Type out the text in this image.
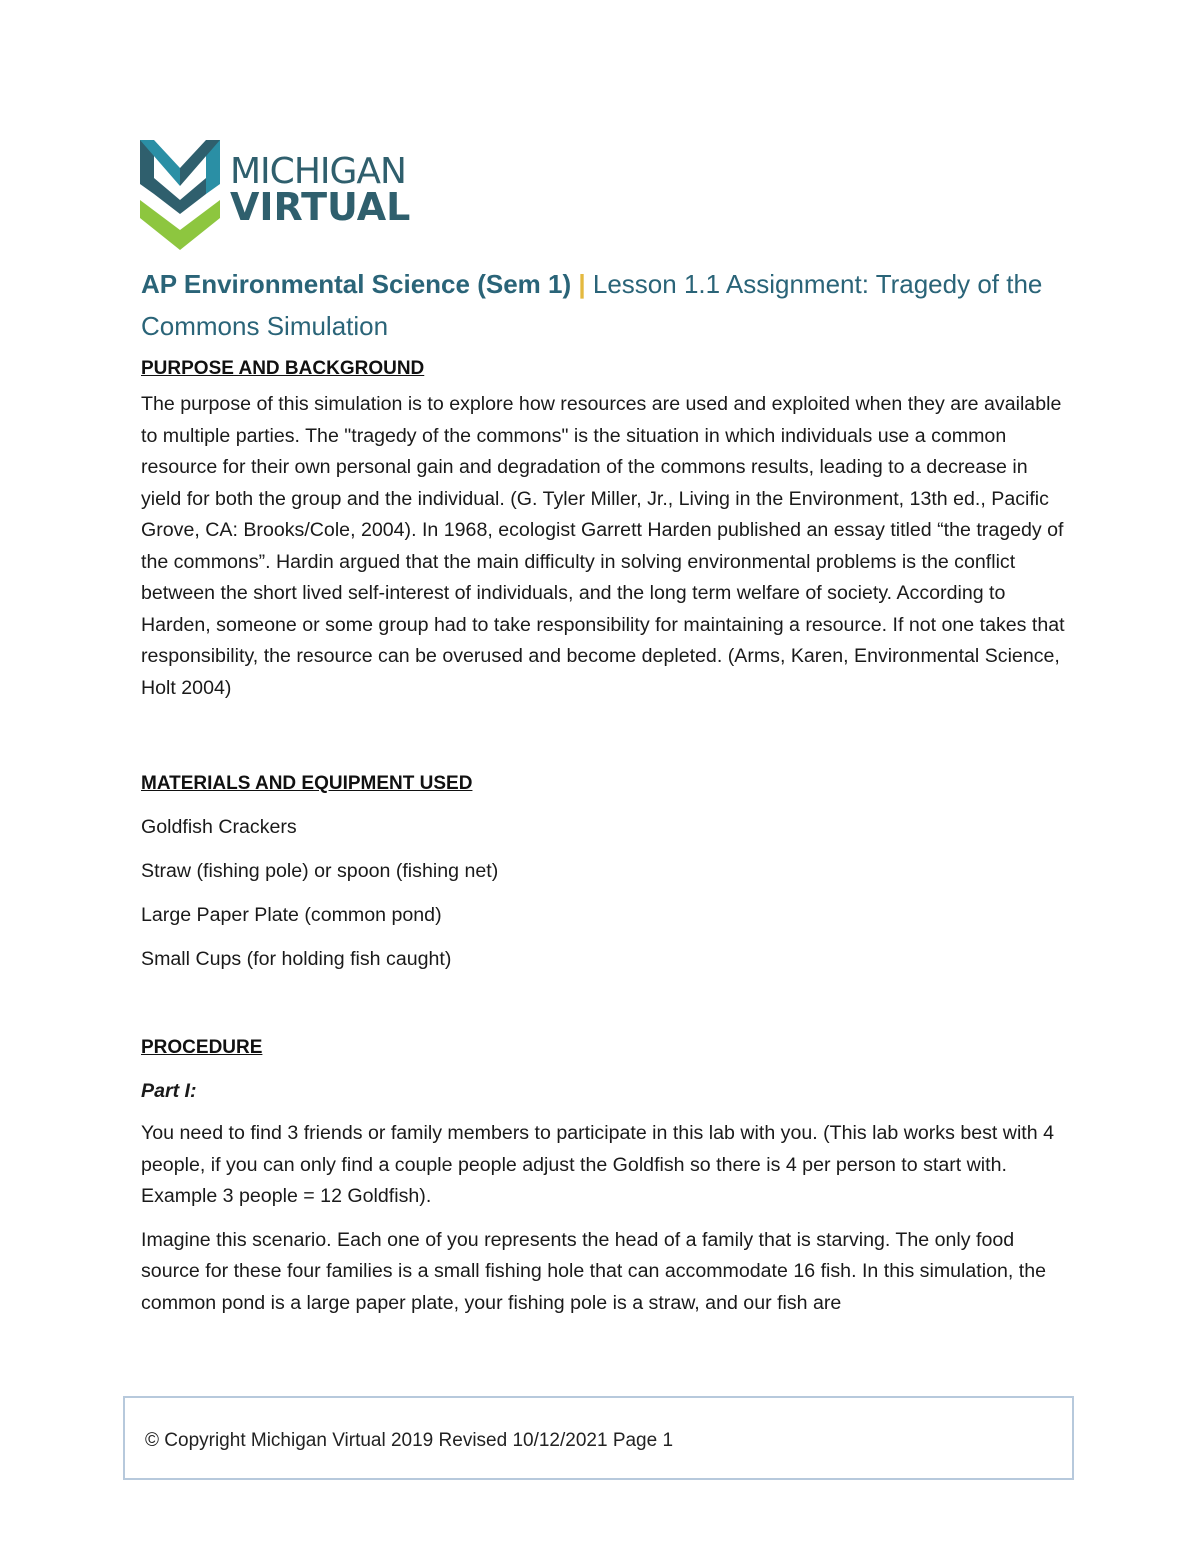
MICHIGAN

VIRTUAL

AP Environmental Science (Sem 1) | Lesson 1.1 Assignment: Tragedy of the Commons Simulation
PURPOSE AND BACKGROUND

The purpose of this simulation is to explore how resources are used and exploited when they are available to multiple parties. The "tragedy of the commons" is the situation in which individuals use a common resource for their own personal gain and degradation of the commons results, leading to a decrease in yield for both the group and the individual. (G. Tyler Miller, Jr., Living in the Environment, 13th ed., Pacific Grove, CA: Brooks/Cole, 2004). In 1968, ecologist Garrett Harden published an essay titled “the tragedy of the commons”. Hardin argued that the main difficulty in solving environmental problems is the conflict between the short lived self-interest of individuals, and the long term welfare of society. According to Harden, someone or some group had to take responsibility for maintaining a resource. If not one takes that responsibility, the resource can be overused and become depleted. (Arms, Karen, Environmental Science, Holt 2004)

MATERIALS AND EQUIPMENT USED

Goldfish Crackers

Straw (fishing pole) or spoon (fishing net)

Large Paper Plate (common pond)

Small Cups (for holding fish caught)

PROCEDURE

Part I:

You need to find 3 friends or family members to participate in this lab with you. (This lab works best with 4 people, if you can only find a couple people adjust the Goldfish so there is 4 per person to start with. Example 3 people = 12 Goldfish).

Imagine this scenario. Each one of you represents the head of a family that is starving. The only food source for these four families is a small fishing hole that can accommodate 16 fish. In this simulation, the common pond is a large paper plate, your fishing pole is a straw, and our fish are

© Copyright Michigan Virtual 2019 Revised 10/12/2021 Page 1
